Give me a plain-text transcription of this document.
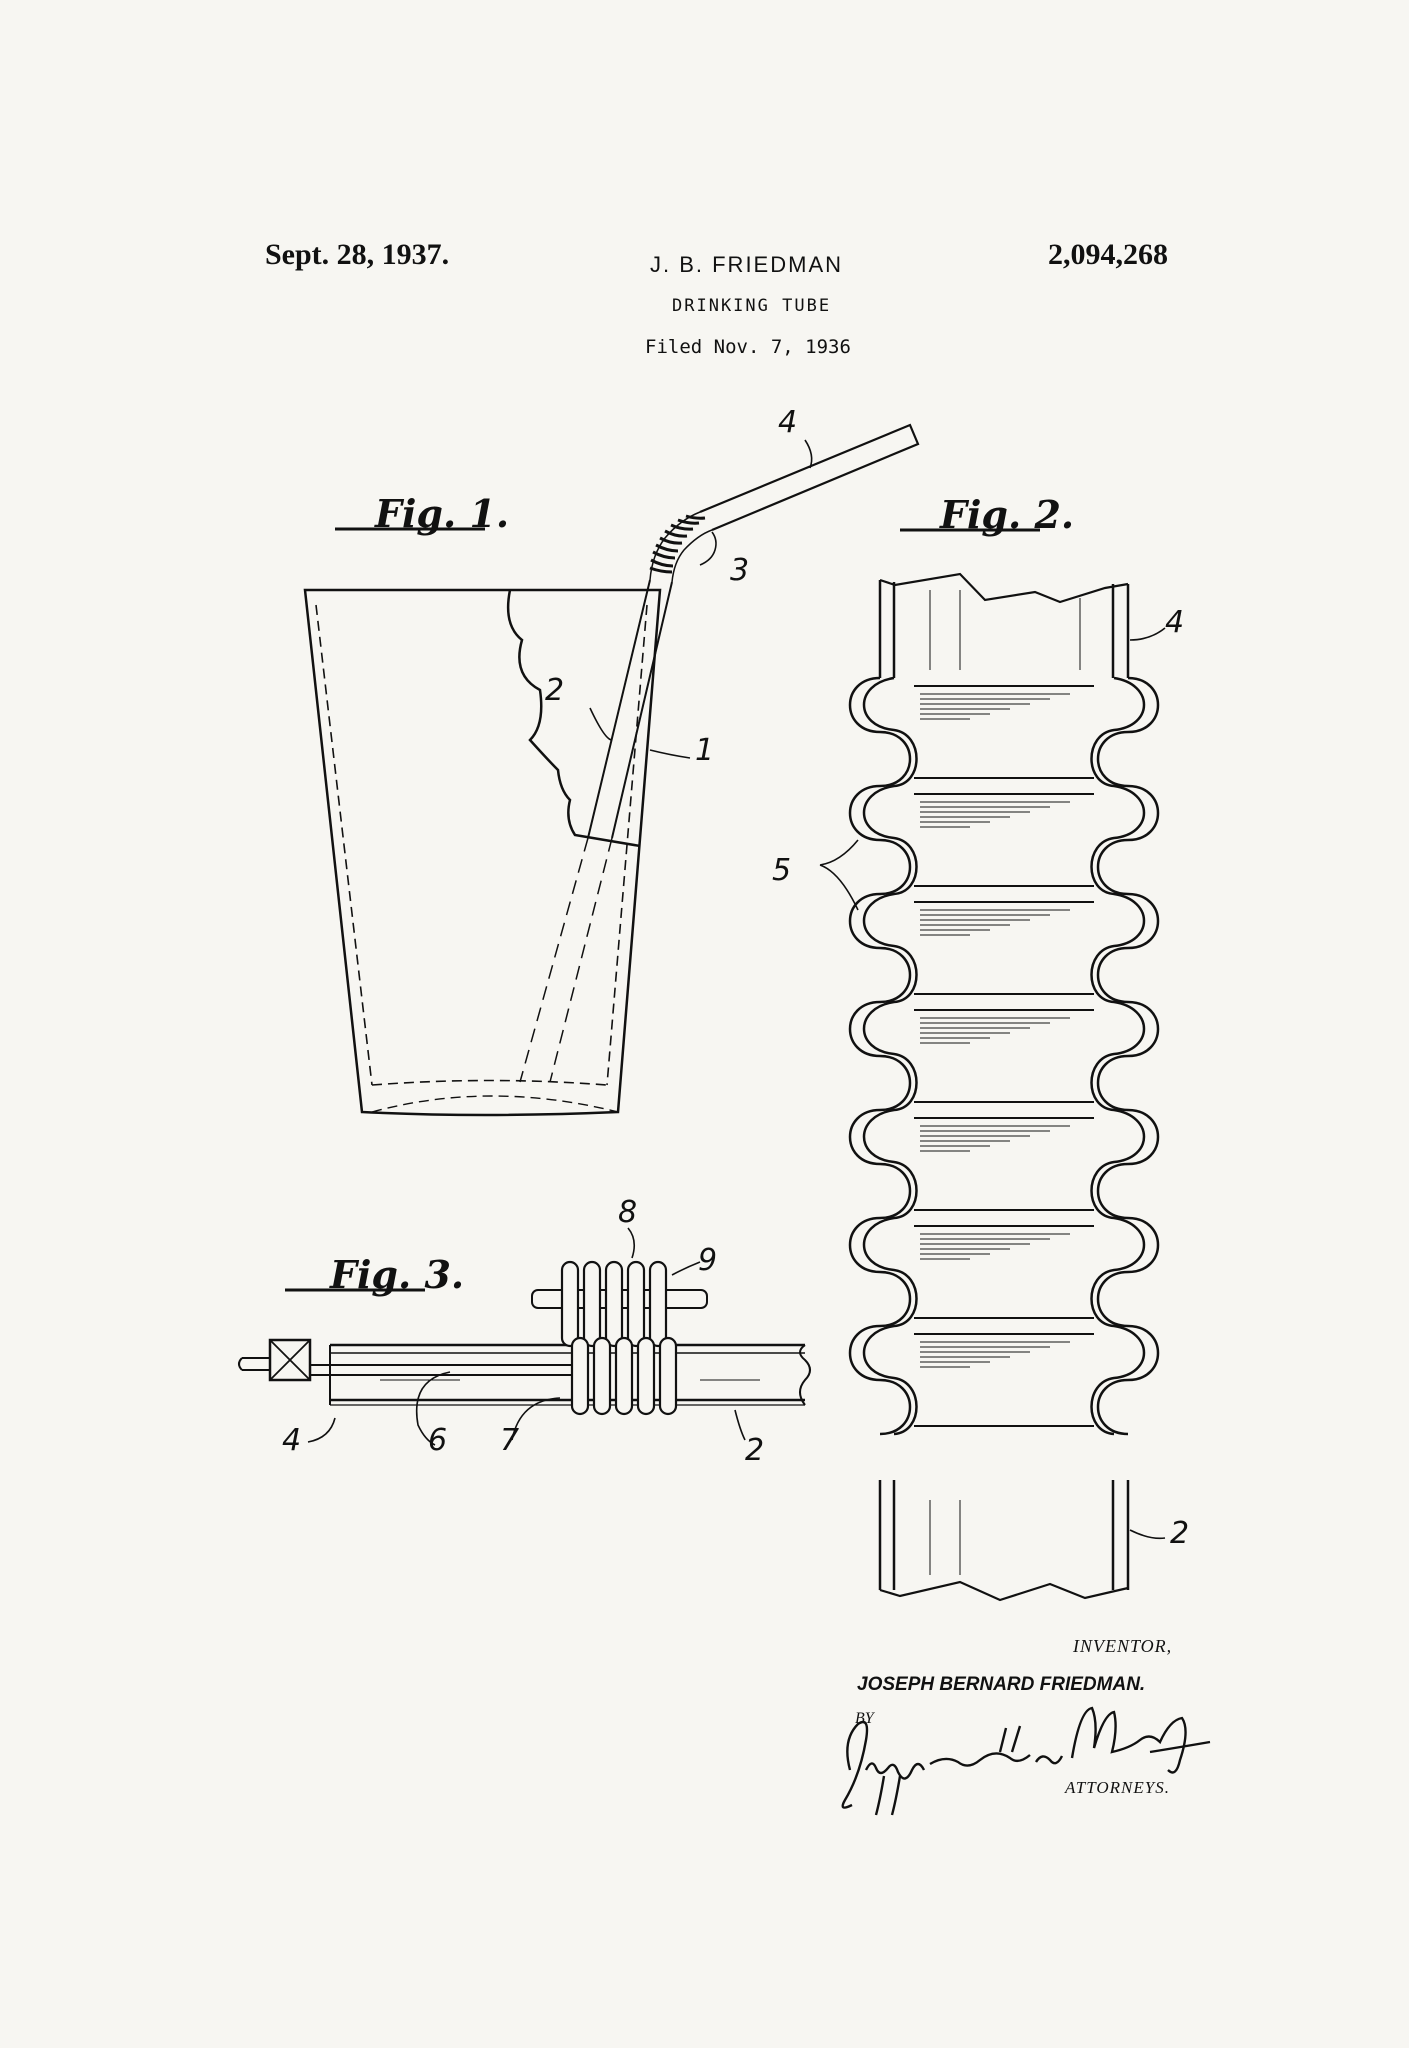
Sept. 28, 1937.	J. B. FRIEDMAN	2,094,268
DRINKING TUBE
Filed Nov. 7, 1936
Fig. 1.
4
3
2
1
Fig. 2.
4
5
2
Fig. 3.
8
9
4	6 7	2
INVENTOR,
JOSEPH BERNARD FRIEDMAN.
BY
ATTORNEYS.
